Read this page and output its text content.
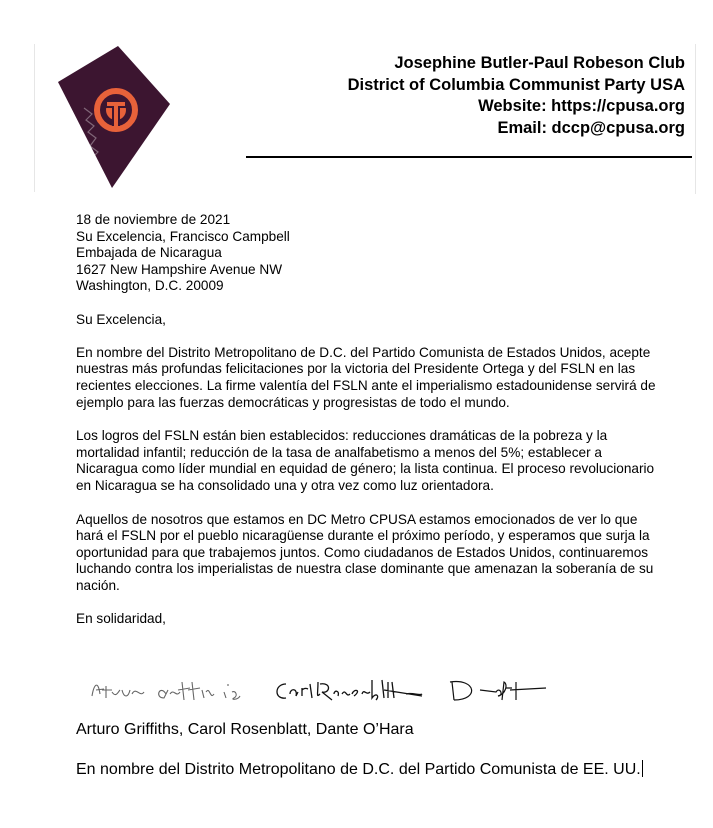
Josephine Butler-Paul Robeson Club
District of Columbia Communist Party USA
Website: https://cpusa.org
Email: dccp@cpusa.org

18 de noviembre de 2021
Su Excelencia, Francisco Campbell
Embajada de Nicaragua
1627 New Hampshire Avenue NW
Washington, D.C. 20009

Su Excelencia,

En nombre del Distrito Metropolitano de D.C. del Partido Comunista de Estados Unidos, acepte nuestras más profundas felicitaciones por la victoria del Presidente Ortega y del FSLN en las recientes elecciones. La firme valentía del FSLN ante el imperialismo estadounidense servirá de ejemplo para las fuerzas democráticas y progresistas de todo el mundo.

Los logros del FSLN están bien establecidos: reducciones dramáticas de la pobreza y la mortalidad infantil; reducción de la tasa de analfabetismo a menos del 5%; establecer a Nicaragua como líder mundial en equidad de género; la lista continua. El proceso revolucionario en Nicaragua se ha consolidado una y otra vez como luz orientadora.

Aquellos de nosotros que estamos en DC Metro CPUSA estamos emocionados de ver lo que hará el FSLN por el pueblo nicaragüense durante el próximo período, y esperamos que surja la oportunidad para que trabajemos juntos. Como ciudadanos de Estados Unidos, continuaremos luchando contra los imperialistas de nuestra clase dominante que amenazan la soberanía de su nación.

En solidaridad,

Arturo Griffiths, Carol Rosenblatt, Dante O’Hara
En nombre del Distrito Metropolitano de D.C. del Partido Comunista de EE. UU.
